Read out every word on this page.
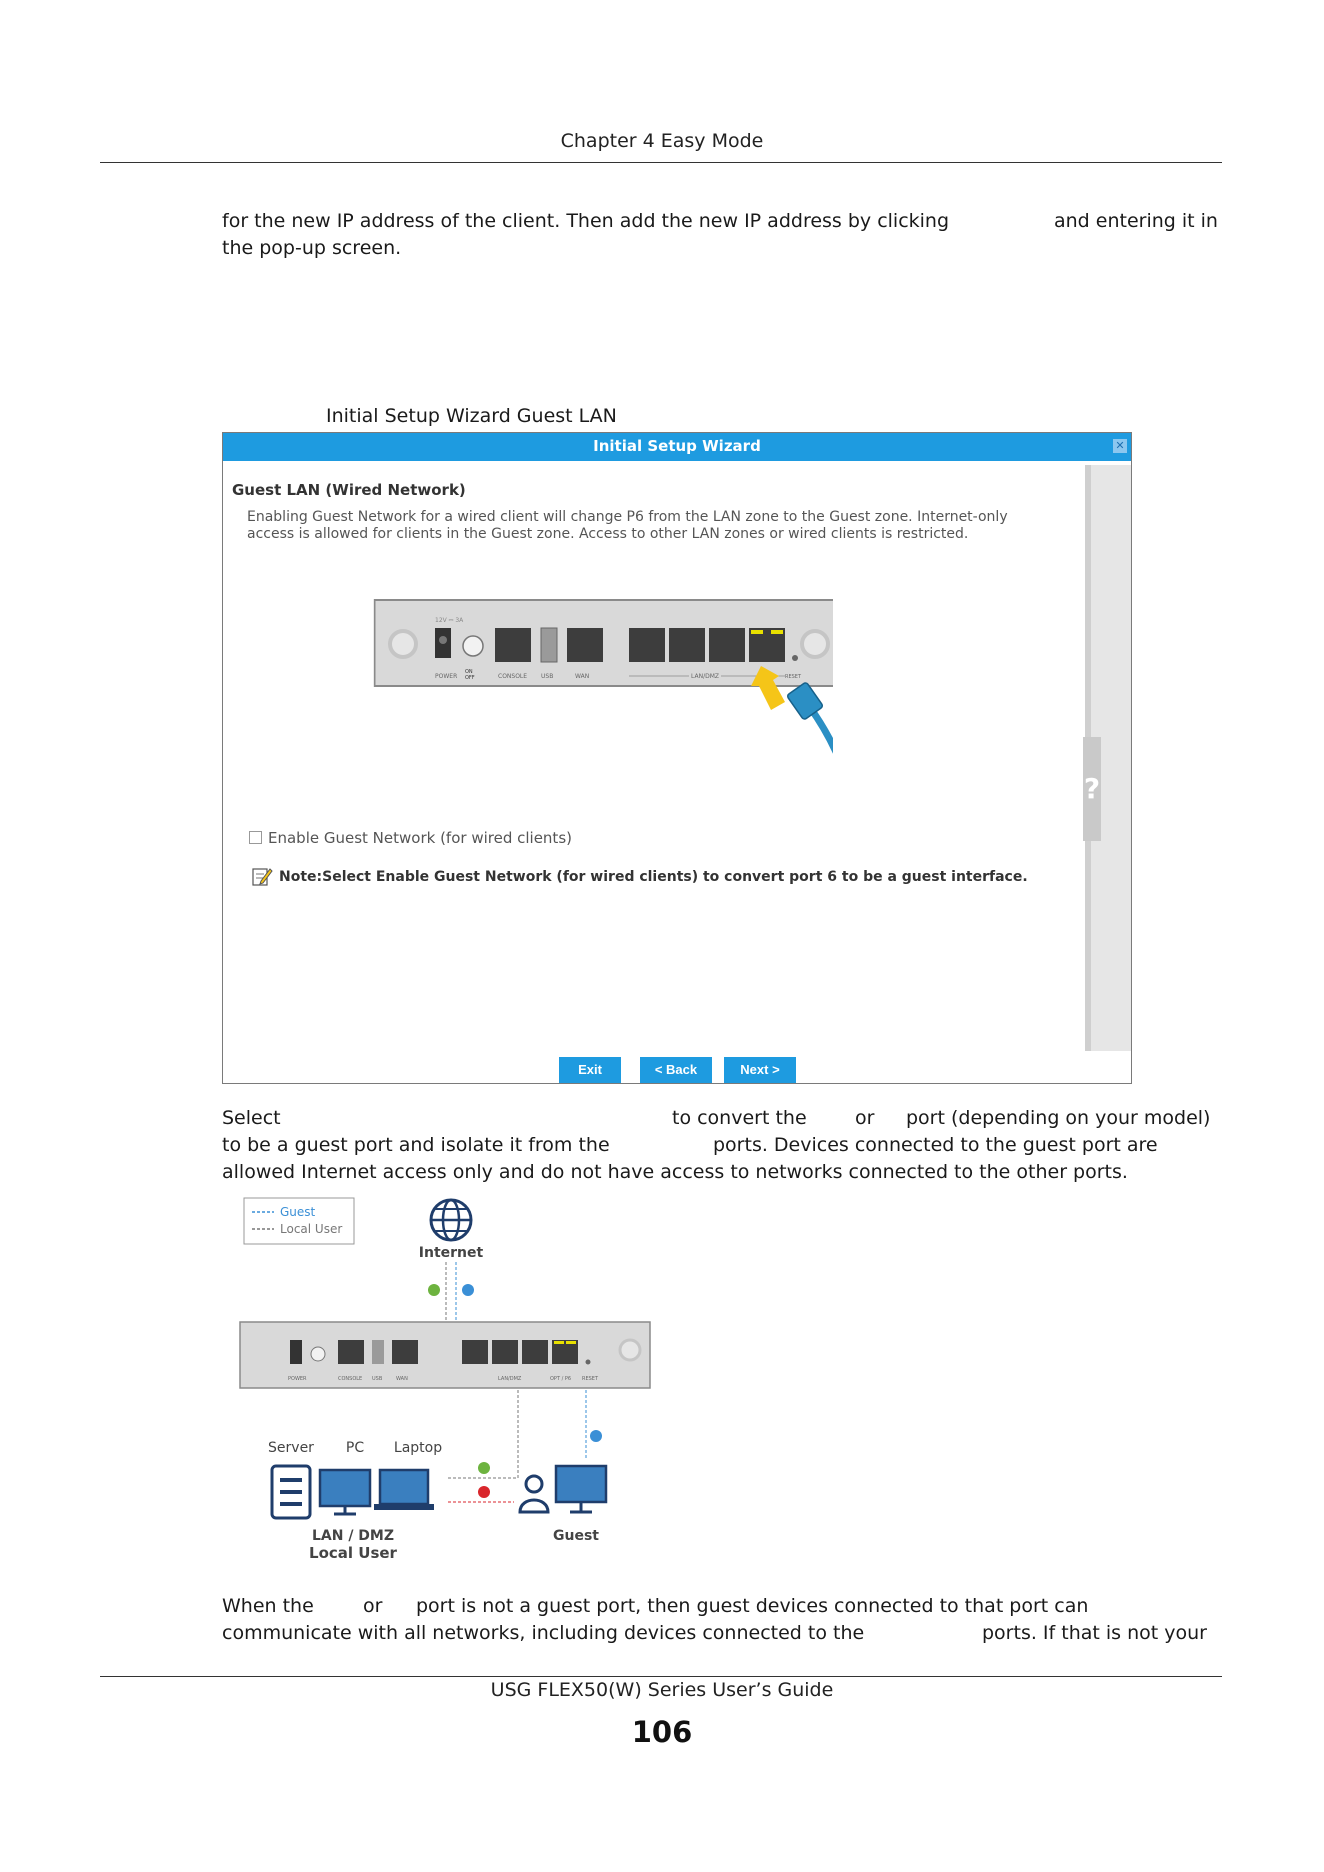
Chapter 4 Easy Mode
for the new IP address of the client. Then add the new IP address by clicking	and entering it in
the pop-up screen.
Initial Setup Wizard Guest LAN
Initial Setup Wizard	✕
Guest LAN (Wired Network)
Enabling Guest Network for a wired client will change P6 from the LAN zone to the Guest zone. Internet-only access is allowed for clients in the Guest zone. Access to other LAN zones or wired clients is restricted.
12V ⎓ 3A
POWER
ON
OFF	CONSOLE USB	WAN	LAN/DMZ	RESET
?
Enable Guest Network (for wired clients)
Note:Select Enable Guest Network (for wired clients) to convert port 6 to be a guest interface.
Exit	< Back	Next >
Select	to convert the	or port (depending on your model)
to be a guest port and isolate it from the	ports. Devices connected to the guest port are
allowed Internet access only and do not have access to networks connected to the other ports.
Guest
Local User
Internet
POWER	CONSOLE USB	WAN	LAN/DMZ	OPT / P6 RESET
Server PC Laptop
LAN / DMZ
Local User
Guest
When the	or port is not a guest port, then guest devices connected to that port can
communicate with all networks, including devices connected to the	ports. If that is not your
USG FLEX50(W) Series User’s Guide
106
